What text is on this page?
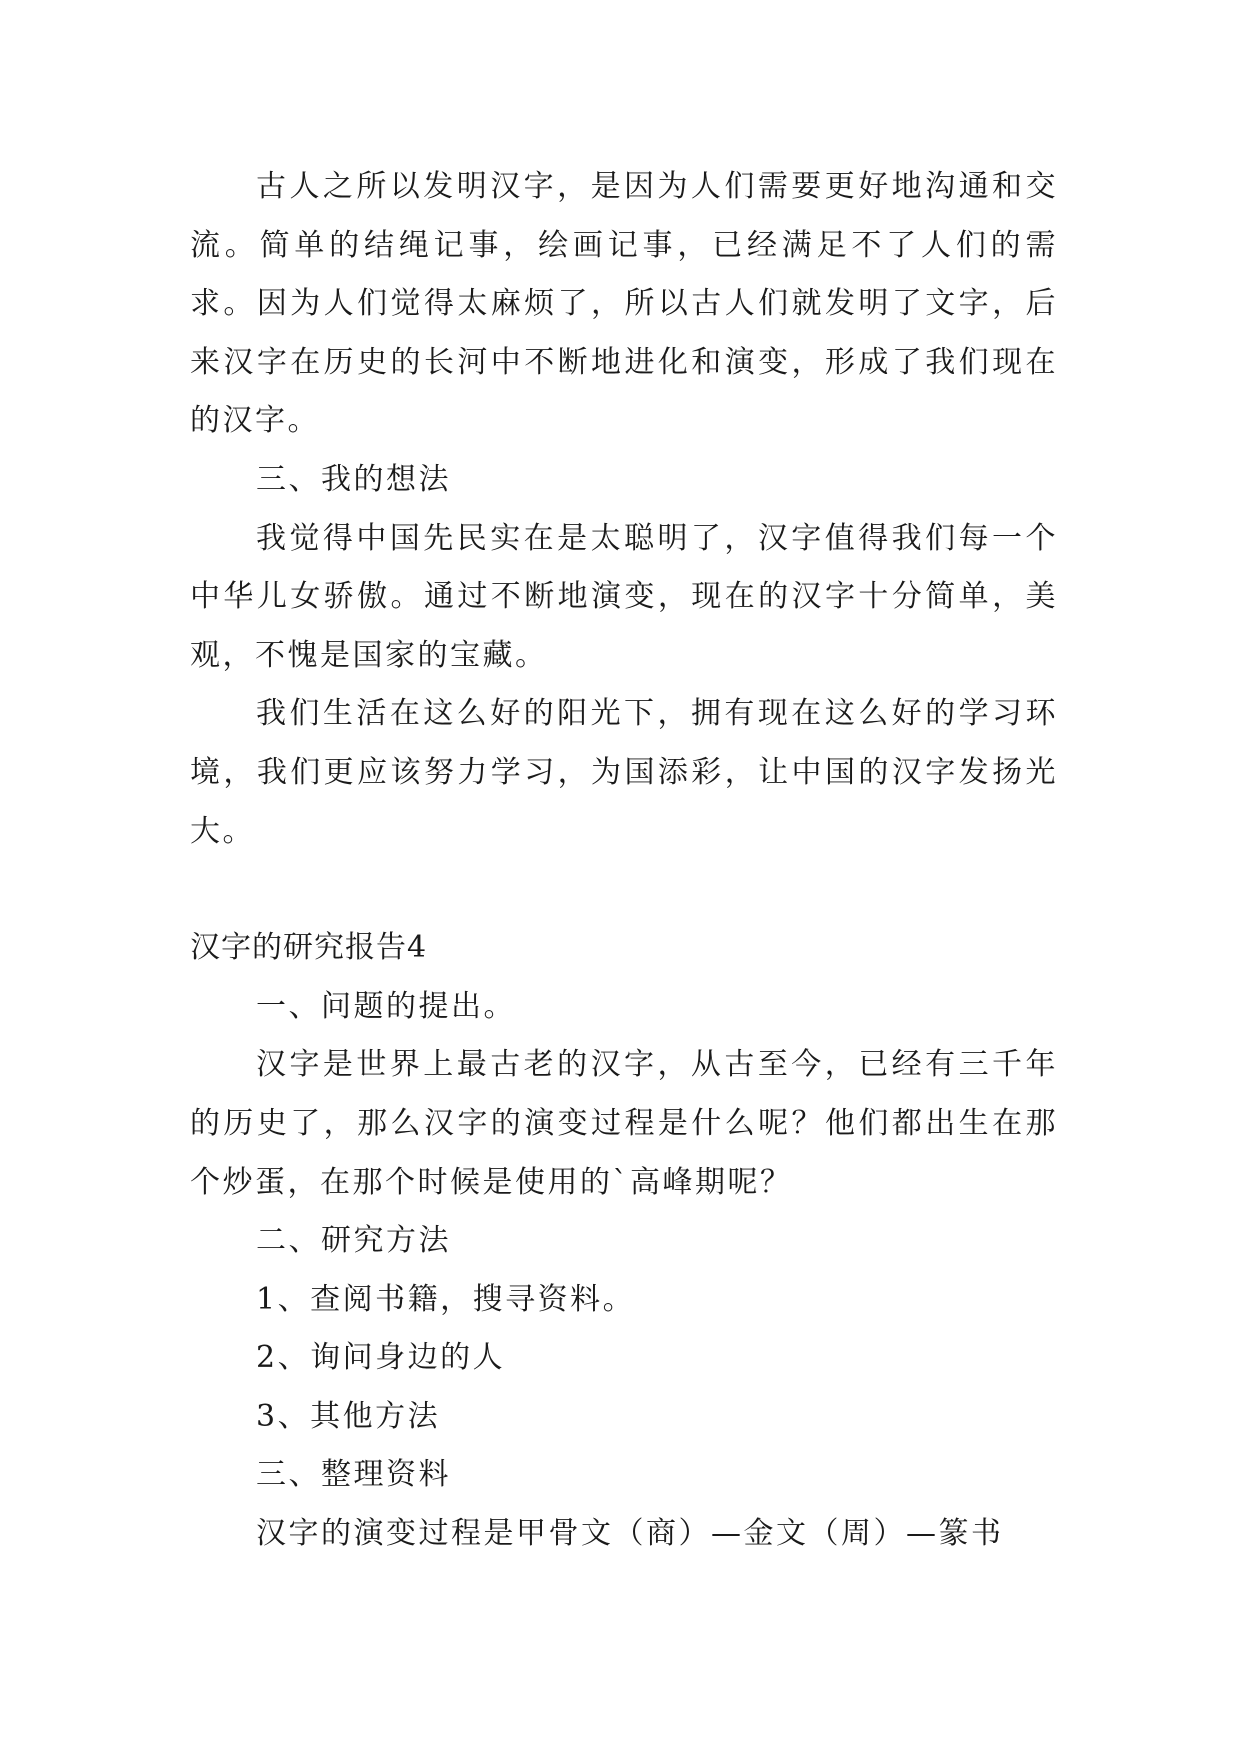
古人之所以发明汉字，是因为人们需要更好地沟通和交流。简单的结绳记事，绘画记事，已经满足不了人们的需求。因为人们觉得太麻烦了，所以古人们就发明了文字，后来汉字在历史的长河中不断地进化和演变，形成了我们现在的汉字。

三、我的想法

我觉得中国先民实在是太聪明了，汉字值得我们每一个中华儿女骄傲。通过不断地演变，现在的汉字十分简单，美观，不愧是国家的宝藏。

我们生活在这么好的阳光下，拥有现在这么好的学习环境，我们更应该努力学习，为国添彩，让中国的汉字发扬光大。

汉字的研究报告4

一、问题的提出。

汉字是世界上最古老的汉字，从古至今，已经有三千年的历史了，那么汉字的演变过程是什么呢？他们都出生在那个炒蛋，在那个时候是使用的`高峰期呢？

二、研究方法

1、查阅书籍，搜寻资料。

2、询问身边的人

3、其他方法

三、整理资料

汉字的演变过程是甲骨文（商）—金文（周）—篆书
